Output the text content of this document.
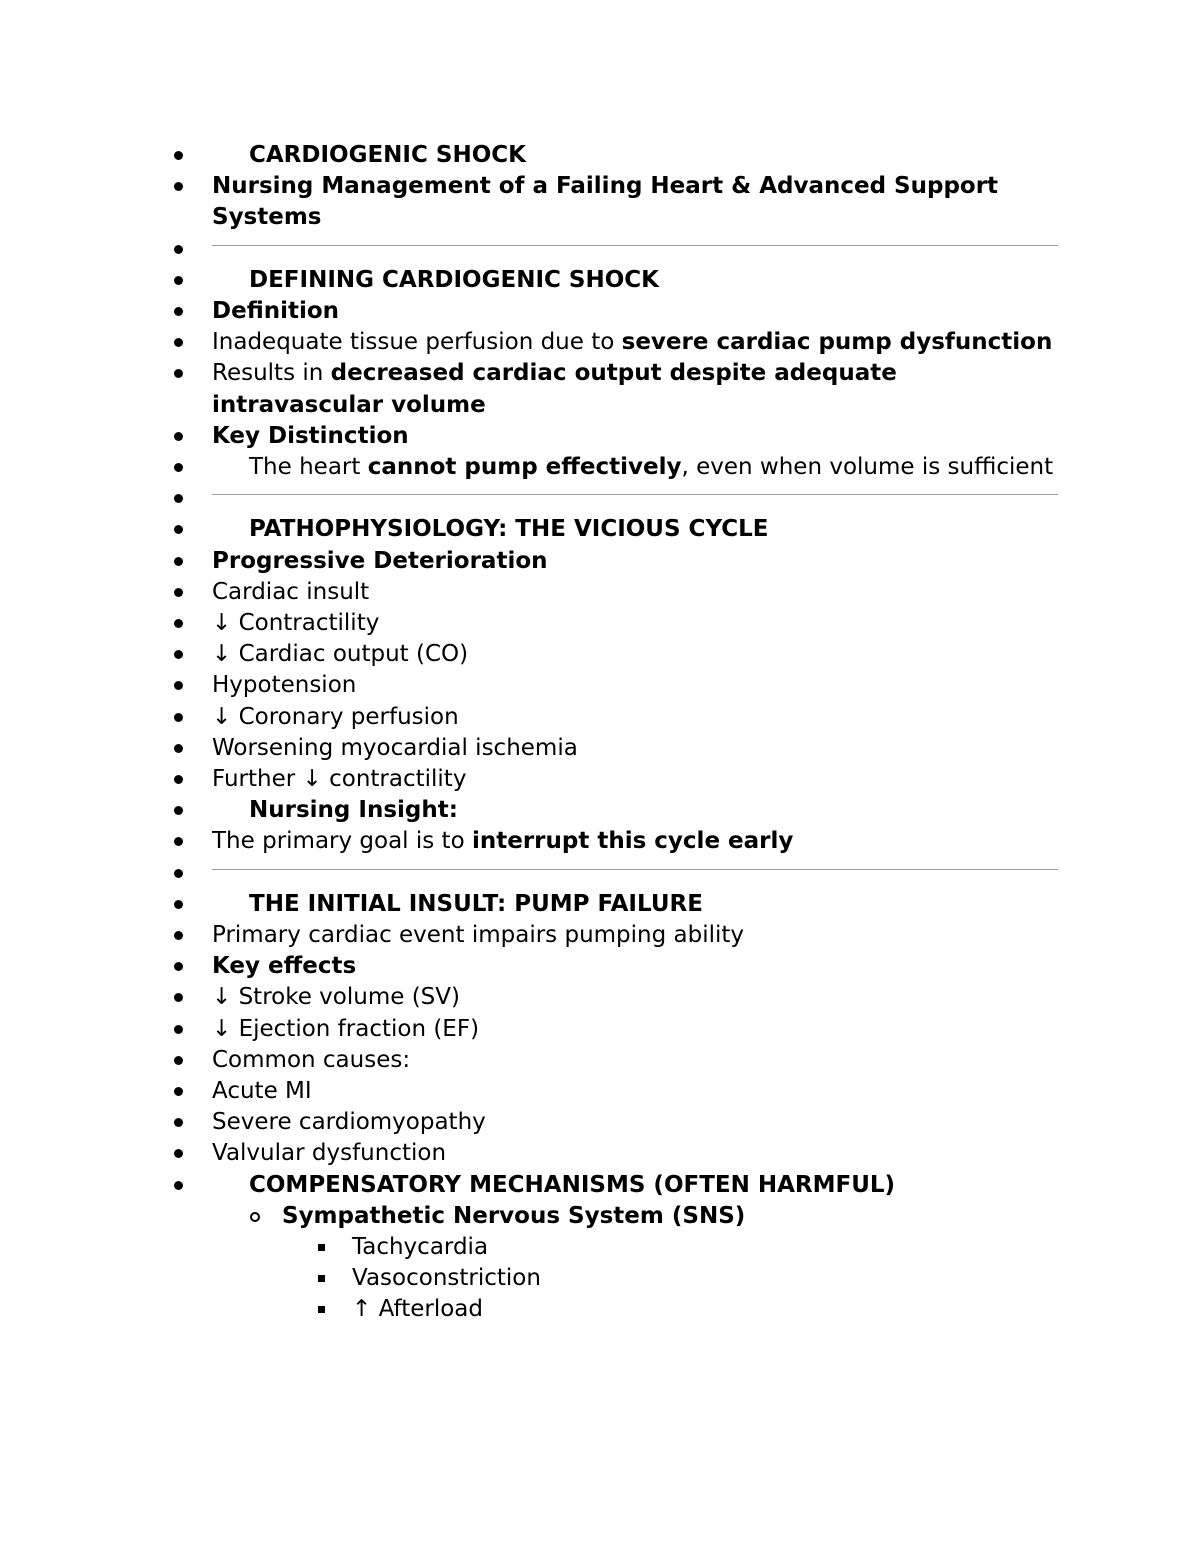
CARDIOGENIC SHOCK
Nursing Management of a Failing Heart & Advanced Support Systems
DEFINING CARDIOGENIC SHOCK
Definition
Inadequate tissue perfusion due to severe cardiac pump dysfunction
Results in decreased cardiac output despite adequate intravascular volume
Key Distinction
The heart cannot pump effectively, even when volume is sufficient
PATHOPHYSIOLOGY: THE VICIOUS CYCLE
Progressive Deterioration
Cardiac insult
↓ Contractility
↓ Cardiac output (CO)
Hypotension
↓ Coronary perfusion
Worsening myocardial ischemia
Further ↓ contractility
Nursing Insight:
The primary goal is to interrupt this cycle early
THE INITIAL INSULT: PUMP FAILURE
Primary cardiac event impairs pumping ability
Key effects
↓ Stroke volume (SV)
↓ Ejection fraction (EF)
Common causes:
Acute MI
Severe cardiomyopathy
Valvular dysfunction
COMPENSATORY MECHANISMS (OFTEN HARMFUL)
Sympathetic Nervous System (SNS)
Tachycardia
Vasoconstriction
↑ Afterload
